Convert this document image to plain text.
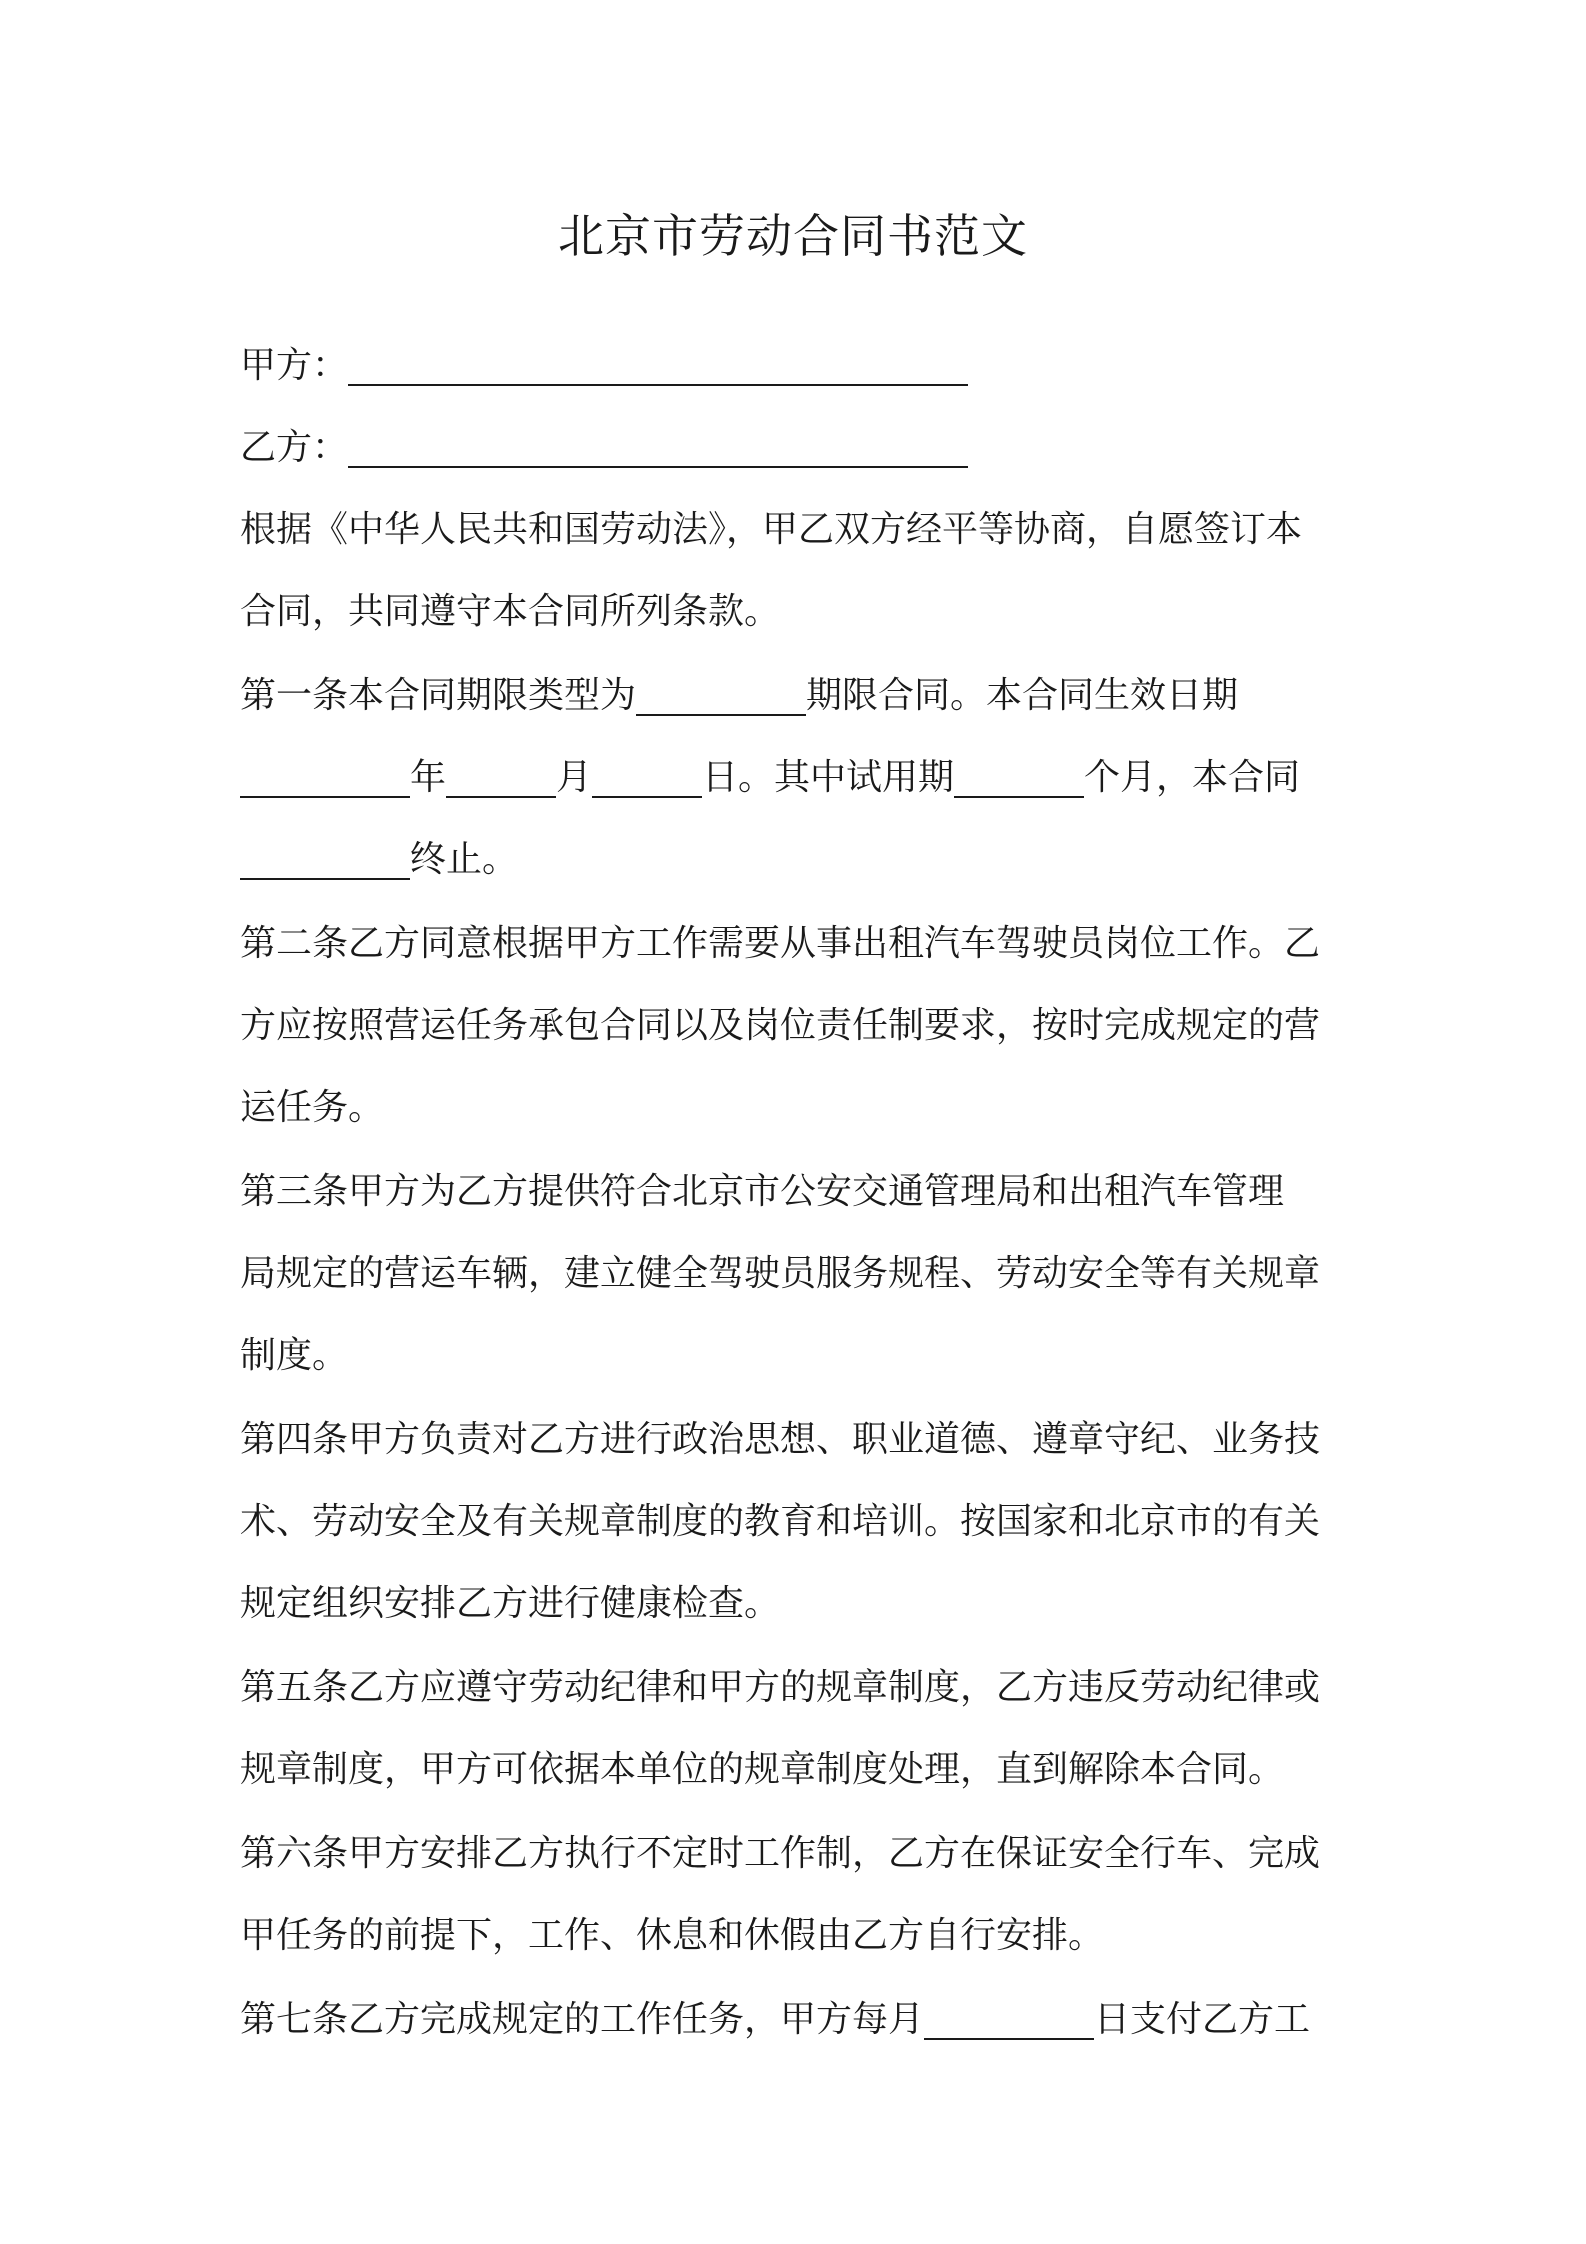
北京市劳动合同书范文
甲方：
乙方：
根据《中华人民共和国劳动法》，甲乙双方经平等协商，自愿签订本
合同，共同遵守本合同所列条款。
第一条本合同期限类型为	期限合同。本合同生效日期
年	月	日。其中试用期	个月，本合同
终止。
第二条乙方同意根据甲方工作需要从事出租汽车驾驶员岗位工作。乙
方应按照营运任务承包合同以及岗位责任制要求，按时完成规定的营
运任务。
第三条甲方为乙方提供符合北京市公安交通管理局和出租汽车管理
局规定的营运车辆，建立健全驾驶员服务规程、劳动安全等有关规章
制度。
第四条甲方负责对乙方进行政治思想、职业道德、遵章守纪、业务技
术、劳动安全及有关规章制度的教育和培训。按国家和北京市的有关
规定组织安排乙方进行健康检查。
第五条乙方应遵守劳动纪律和甲方的规章制度，乙方违反劳动纪律或
规章制度，甲方可依据本单位的规章制度处理，直到解除本合同。
第六条甲方安排乙方执行不定时工作制，乙方在保证安全行车、完成
甲任务的前提下，工作、休息和休假由乙方自行安排。
第七条乙方完成规定的工作任务，甲方每月	日支付乙方工
